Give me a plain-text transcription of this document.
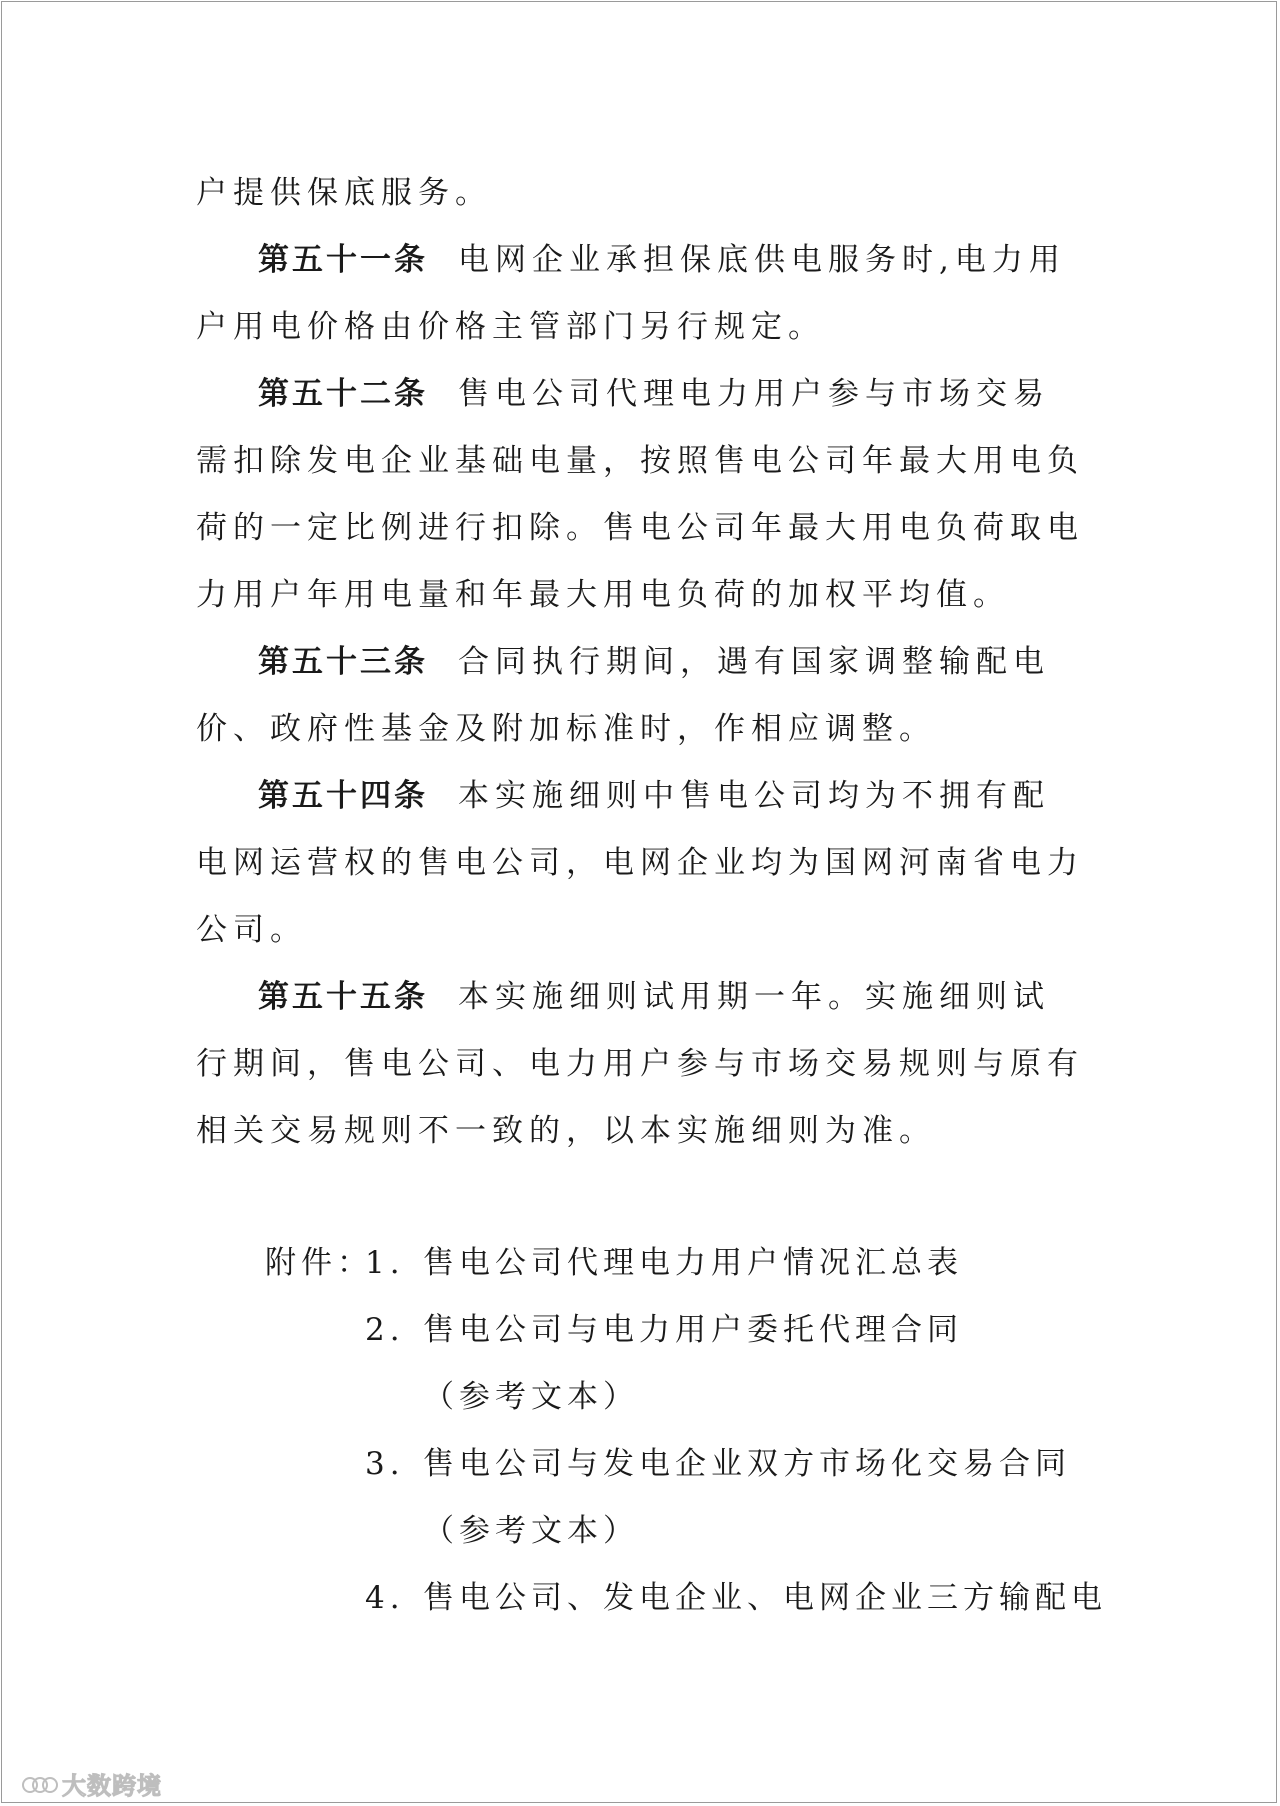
户提供保底服务。

第五十一条 电网企业承担保底供电服务时,电力用户用电价格由价格主管部门另行规定。

第五十二条 售电公司代理电力用户参与市场交易需扣除发电企业基础电量，按照售电公司年最大用电负荷的一定比例进行扣除。售电公司年最大用电负荷取电力用户年用电量和年最大用电负荷的加权平均值。

第五十三条 合同执行期间，遇有国家调整输配电价、政府性基金及附加标准时，作相应调整。

第五十四条 本实施细则中售电公司均为不拥有配电网运营权的售电公司，电网企业均为国网河南省电力公司。

第五十五条 本实施细则试用期一年。实施细则试行期间，售电公司、电力用户参与市场交易规则与原有相关交易规则不一致的，以本实施细则为准。

附件：
1. 售电公司代理电力用户情况汇总表
2. 售电公司与电力用户委托代理合同
（参考文本）
3. 售电公司与发电企业双方市场化交易合同
（参考文本）
4. 售电公司、发电企业、电网企业三方输配电
大数跨境
